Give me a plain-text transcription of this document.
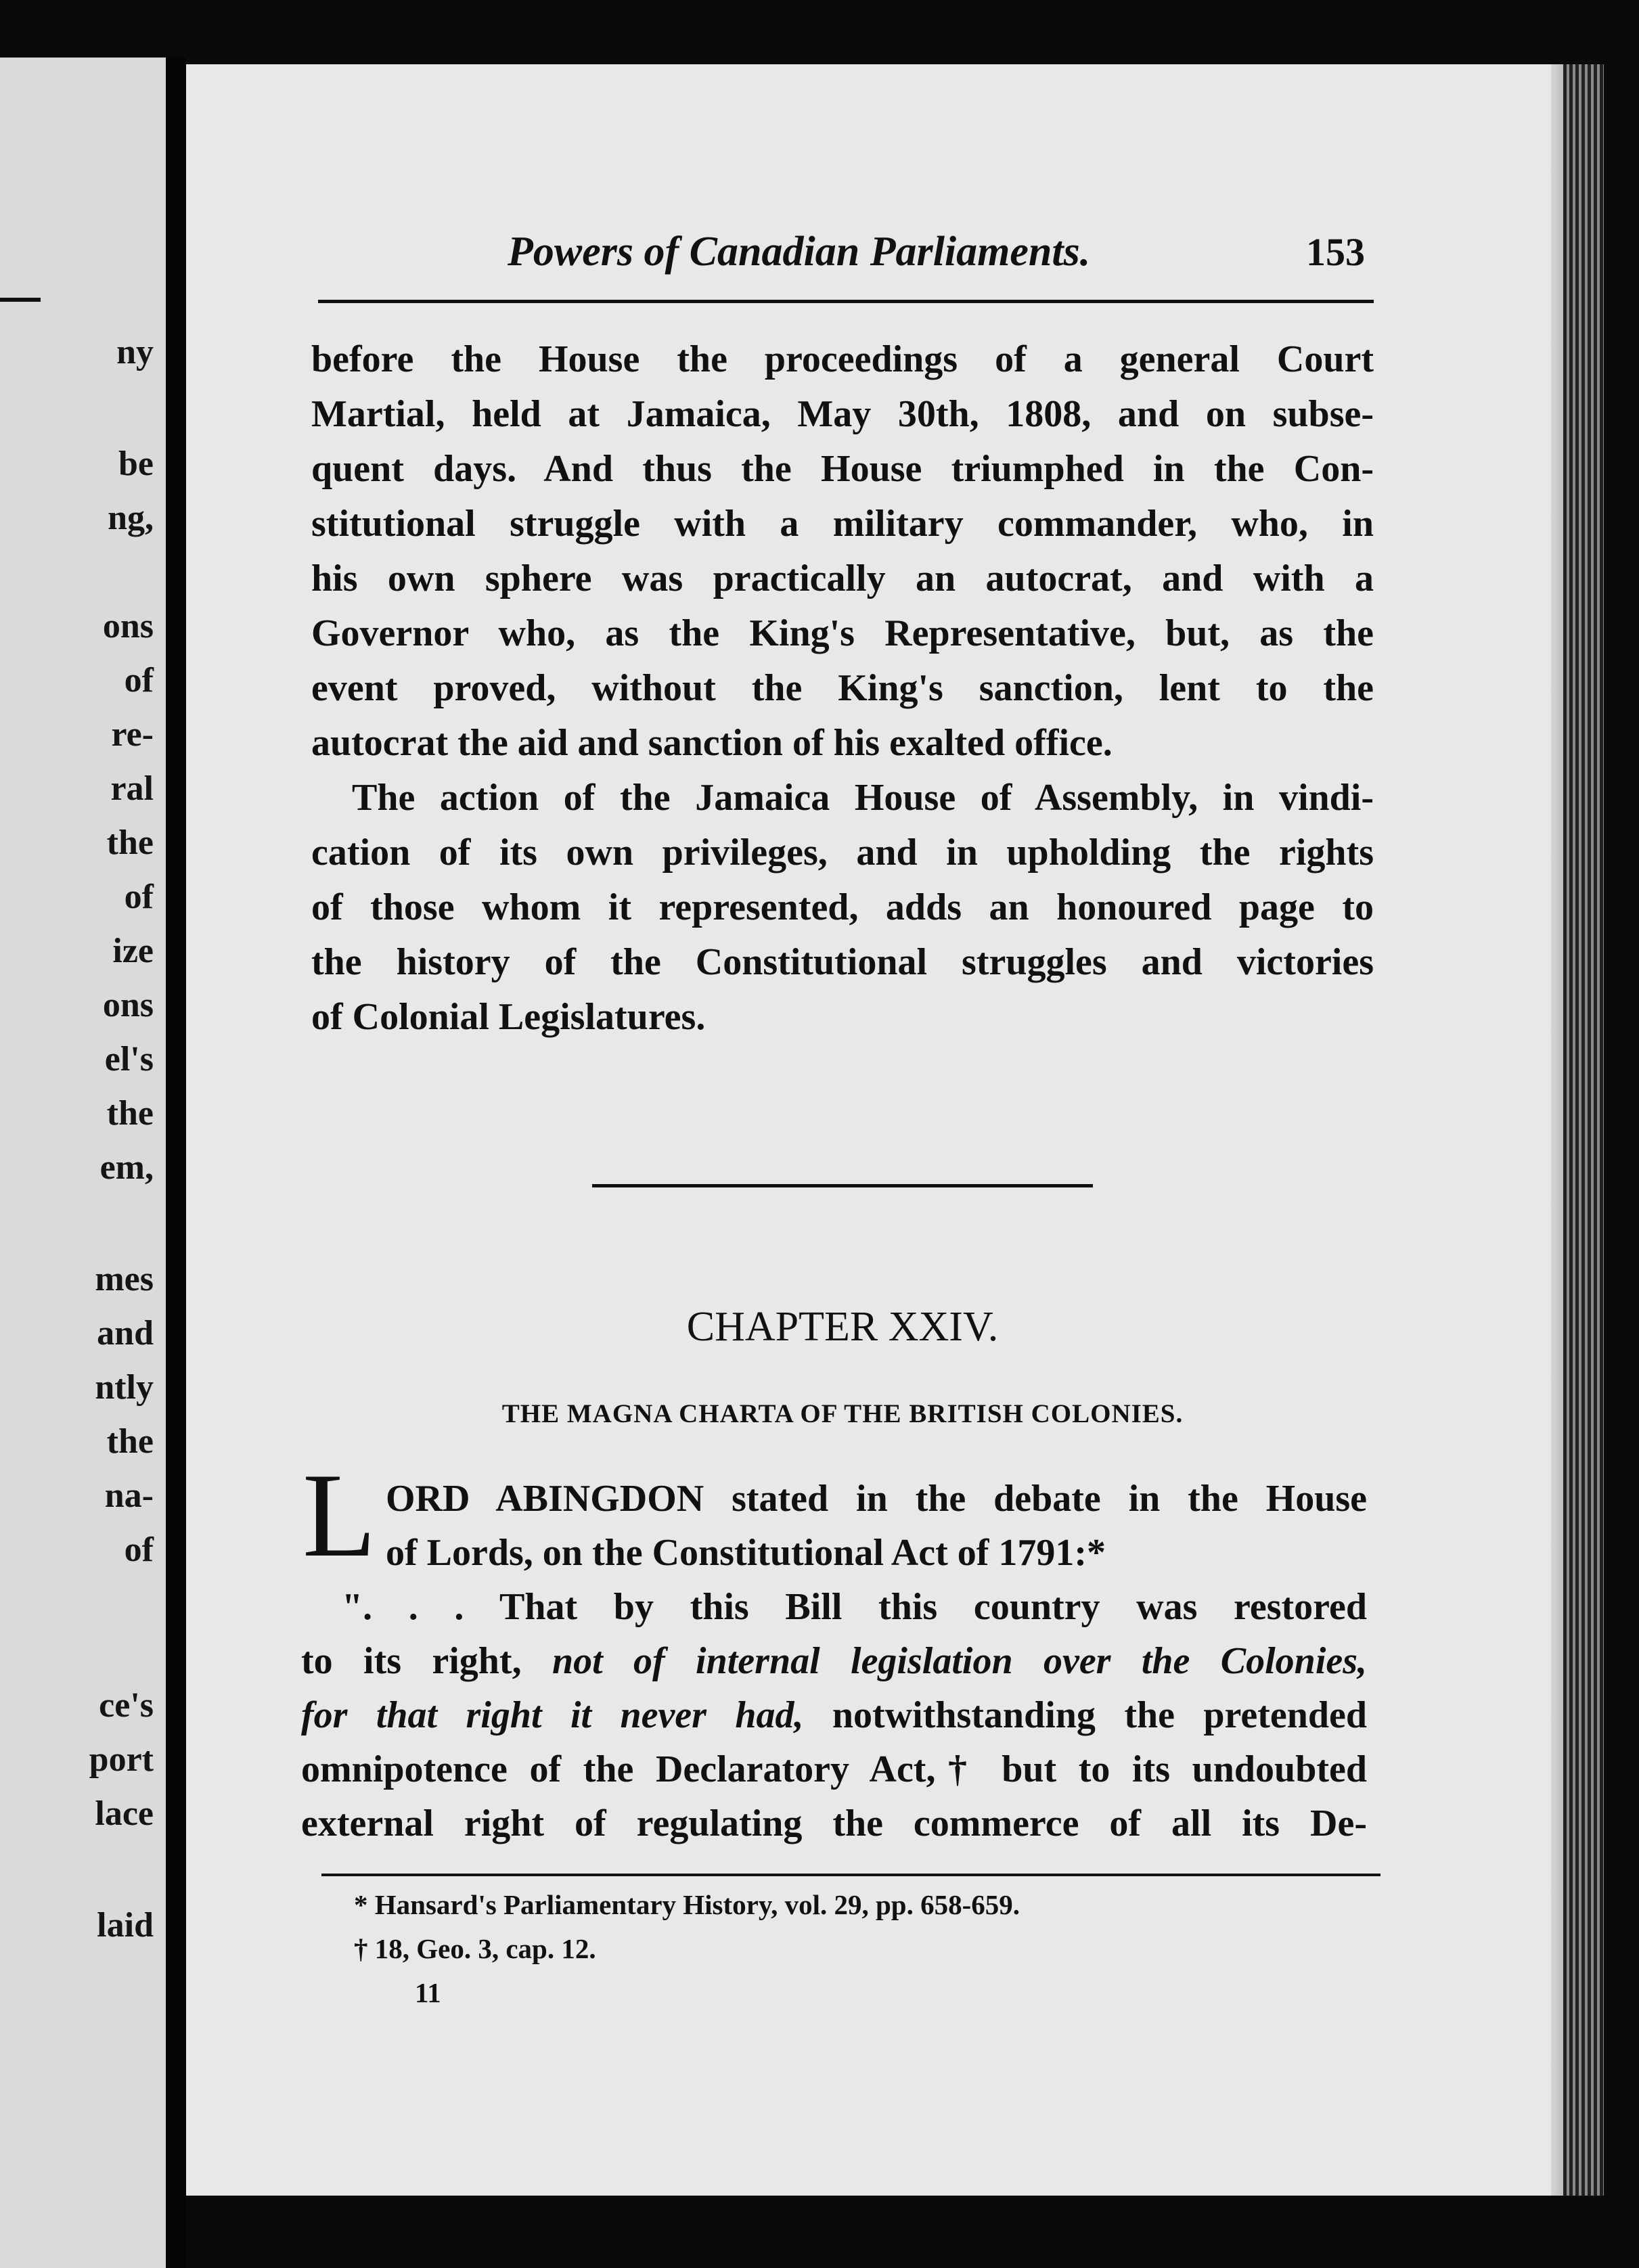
ny
be
ng,
ons
of
re-
ral
the
of
ize
ons
el's
the
em,
mes
and
ntly
the
na-
of
ce's
port
lace
laid
Powers of Canadian Parliaments.	153
before the House the proceedings of a general Court
Martial, held at Jamaica, May 30th, 1808, and on subse-
quent days. And thus the House triumphed in the Con-
stitutional struggle with a military commander, who, in
his own sphere was practically an autocrat, and with a
Governor who, as the King's Representative, but, as the
event proved, without the King's sanction, lent to the
autocrat the aid and sanction of his exalted office.
The action of the Jamaica House of Assembly, in vindi-
cation of its own privileges, and in upholding the rights
of those whom it represented, adds an honoured page to
the history of the Constitutional struggles and victories
of Colonial Legislatures.
CHAPTER XXIV.
THE MAGNA CHARTA OF THE BRITISH COLONIES.
L ORD ABINGDON stated in the debate in the House
of Lords, on the Constitutional Act of 1791:*
". . . That by this Bill this country was restored
to its right, not of internal legislation over the Colonies,
for that right it never had, notwithstanding the pretended
omnipotence of the Declaratory Act,† but to its undoubted
external right of regulating the commerce of all its De-
* Hansard's Parliamentary History, vol. 29, pp. 658-659.
† 18, Geo. 3, cap. 12.
11
